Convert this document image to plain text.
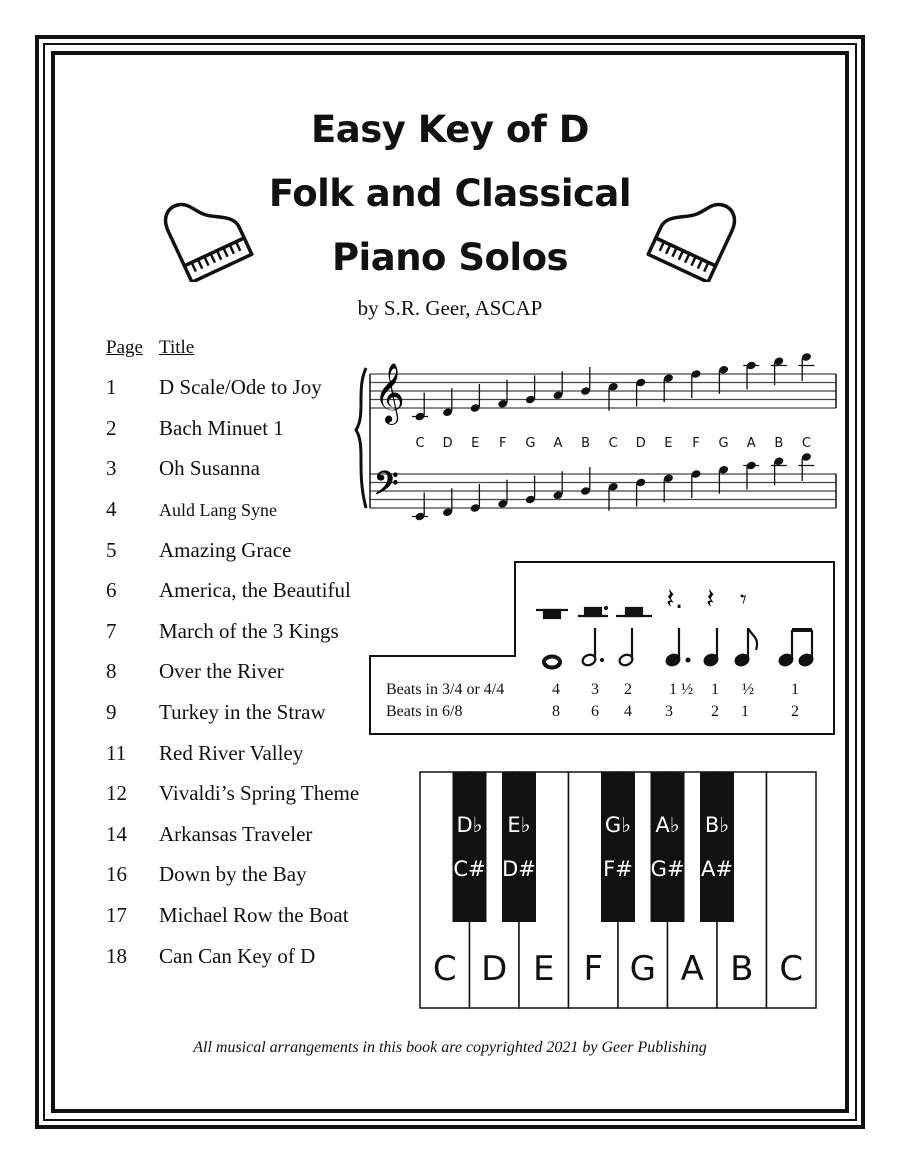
Easy Key of D
Folk and Classical
Piano Solos
by S.R. Geer, ASCAP
Page Title
1 D Scale/Ode to Joy
2 Bach Minuet 1
3 Oh Susanna
4 Auld Lang Syne
5 Amazing Grace
6 America, the Beautiful
7 March of the 3 Kings
8 Over the River
9 Turkey in the Straw
11 Red River Valley
12 Vivaldi’s Spring Theme
14 Arkansas Traveler
16 Down by the Bay
17 Michael Row the Boat
18 Can Can Key of D
𝄞
𝄢
C D E F G A B C D E F G A B C
𝄽. 𝄽 𝄾
Beats in 3/4 or 4/4
Beats in 6/8
4 3 2 1 ½ 1 ½ 1
8 6 4 3 2 1	2
C D E F G A B C
D♭
C#
E♭
D#
G♭
F#
A♭
G#
B♭
A#
All musical arrangements in this book are copyrighted 2021 by Geer Publishing
